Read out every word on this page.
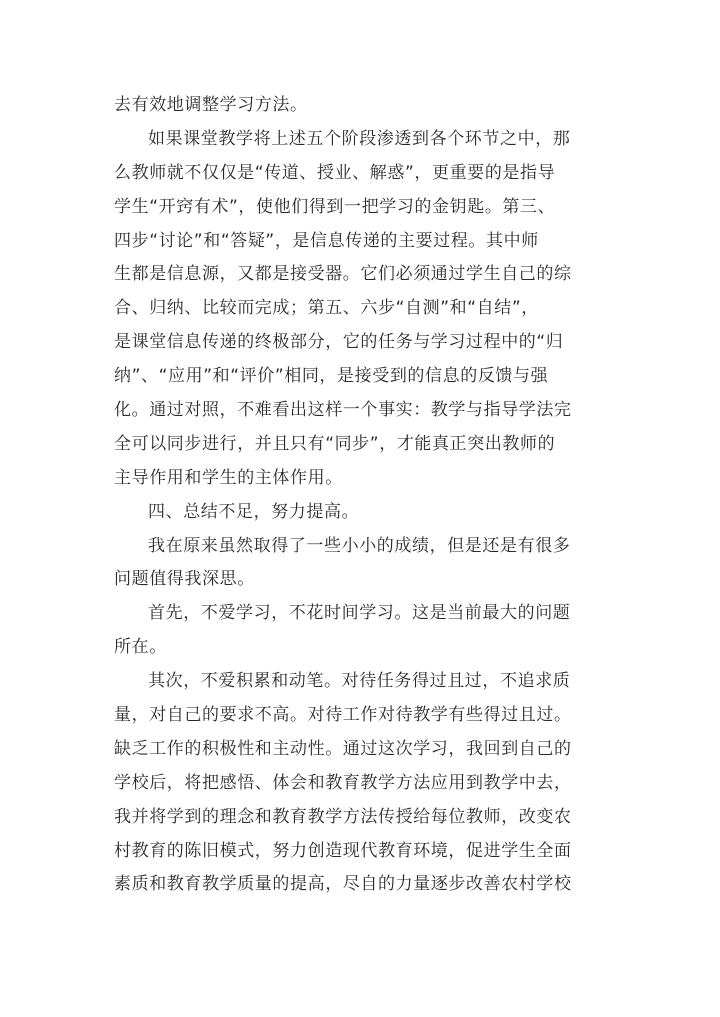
去有效地调整学习方法。
如果课堂教学将上述五个阶段渗透到各个环节之中，那
么教师就不仅仅是“传道、授业、解惑”，更重要的是指导
学生“开窍有术”，使他们得到一把学习的金钥匙。第三、
四步“讨论”和“答疑”，是信息传递的主要过程。其中师
生都是信息源，又都是接受器。它们必须通过学生自己的综
合、归纳、比较而完成；第五、六步“自测”和“自结”，
是课堂信息传递的终极部分，它的任务与学习过程中的“归
纳”、“应用”和“评价”相同，是接受到的信息的反馈与强
化。通过对照，不难看出这样一个事实：教学与指导学法完
全可以同步进行，并且只有“同步”，才能真正突出教师的
主导作用和学生的主体作用。
四、总结不足，努力提高。
我在原来虽然取得了一些小小的成绩，但是还是有很多
问题值得我深思。
首先，不爱学习，不花时间学习。这是当前最大的问题
所在。
其次，不爱积累和动笔。对待任务得过且过，不追求质
量，对自己的要求不高。对待工作对待教学有些得过且过。
缺乏工作的积极性和主动性。通过这次学习，我回到自己的
学校后，将把感悟、体会和教育教学方法应用到教学中去，
我并将学到的理念和教育教学方法传授给每位教师，改变农
村教育的陈旧模式，努力创造现代教育环境，促进学生全面
素质和教育教学质量的提高，尽自的力量逐步改善农村学校
